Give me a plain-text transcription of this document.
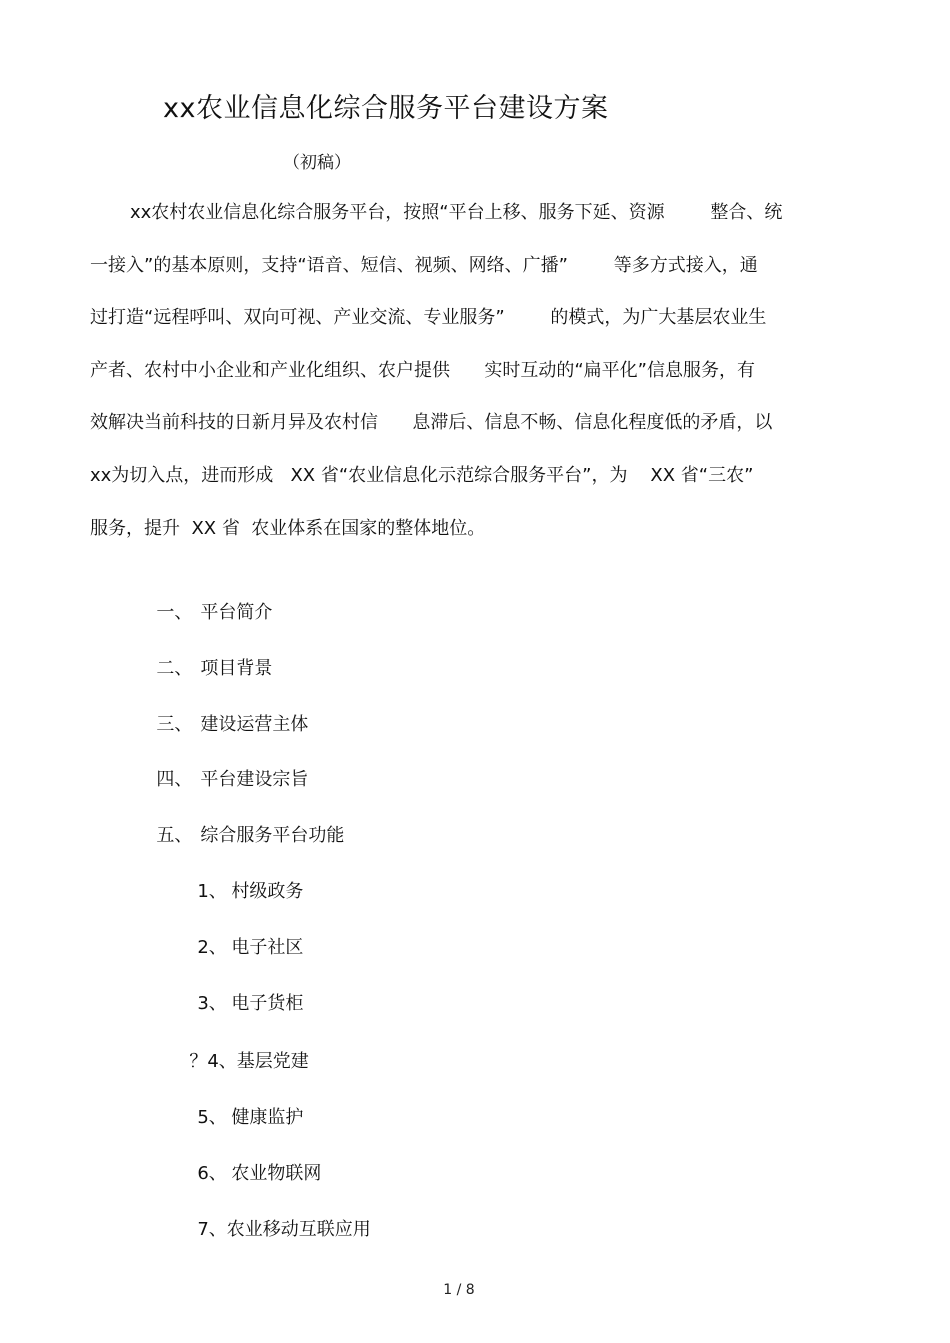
xx农业信息化综合服务平台建设方案
（初稿）
xx农村农业信息化综合服务平台，按照“平台上移、服务下延、资源        整合、统
一接入”的基本原则，支持“语音、短信、视频、网络、广播”        等多方式接入，通
过打造“远程呼叫、双向可视、产业交流、专业服务”        的模式，为广大基层农业生
产者、农村中小企业和产业化组织、农户提供      实时互动的“扁平化”信息服务，有
效解决当前科技的日新月异及农村信      息滞后、信息不畅、信息化程度低的矛盾，以
xx为切入点，进而形成   XX 省“农业信息化示范综合服务平台”，为    XX 省“三农”
服务，提升  XX 省  农业体系在国家的整体地位。

一、 平台简介

二、 项目背景

三、 建设运营主体

四、 平台建设宗旨

五、 综合服务平台功能

1、 村级政务

2、 电子社区

3、 电子货柜

？4、基层党建

5、 健康监护

6、 农业物联网

7、农业移动互联应用

1 / 8
